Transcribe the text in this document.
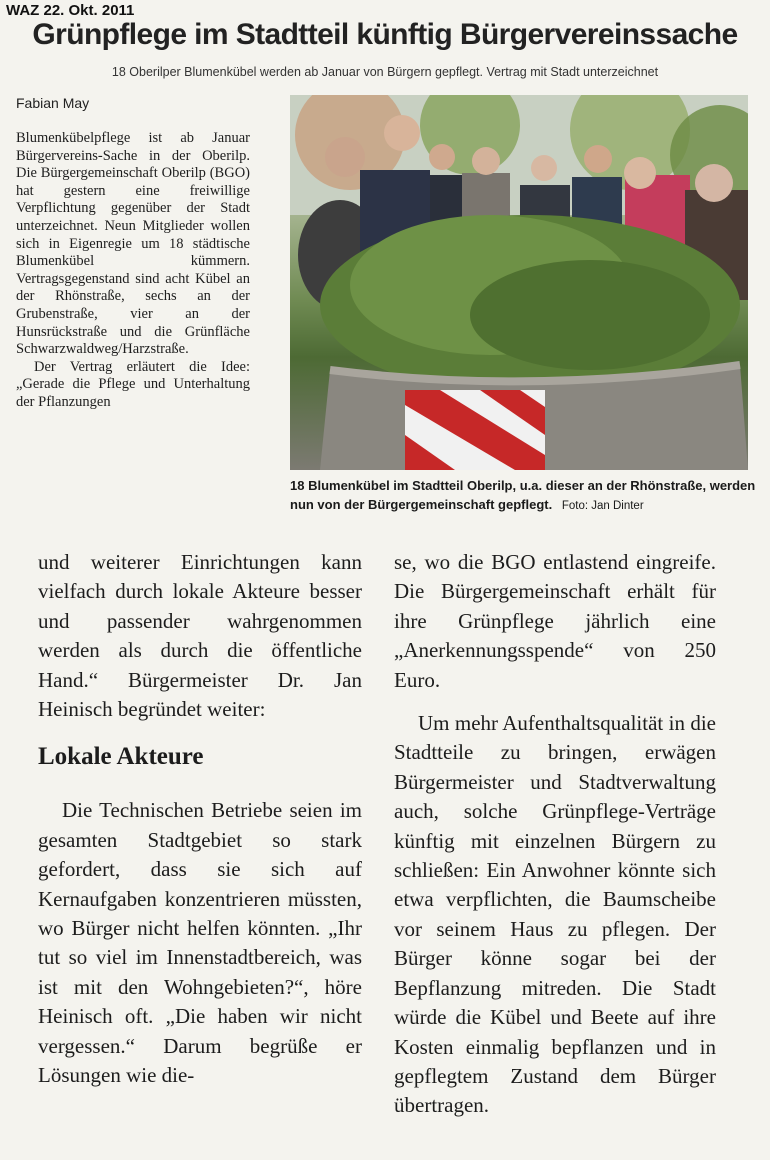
WAZ 22. Okt. 2011
Grünpflege im Stadtteil künftig Bürgervereinssache
18 Oberilper Blumenkübel werden ab Januar von Bürgern gepflegt. Vertrag mit Stadt unterzeichnet
Fabian May

Blumenkübelpflege ist ab Januar Bürgervereins-Sache in der Oberilp. Die Bürgergemeinschaft Oberilp (BGO) hat gestern eine freiwillige Verpflichtung gegenüber der Stadt unterzeichnet. Neun Mitglieder wollen sich in Eigenregie um 18 städtische Blumenkübel kümmern. Vertragsgegenstand sind acht Kübel an der Rhönstraße, sechs an der Grubenstraße, vier an der Hunsrückstraße und die Grünfläche Schwarzwaldweg/Harzstraße.

Der Vertrag erläutert die Idee: „Gerade die Pflege und Unterhaltung der Pflanzungen

18 Blumenkübel im Stadtteil Oberilp, u.a. dieser an der Rhönstraße, werden nun von der Bürgergemeinschaft gepflegt. Foto: Jan Dinter

und weiterer Einrichtungen kann vielfach durch lokale Akteure besser und passender wahrgenommen werden als durch die öffentliche Hand.“ Bürgermeister Dr. Jan Heinisch begründet weiter:

Lokale Akteure

Die Technischen Betriebe seien im gesamten Stadtgebiet so stark gefordert, dass sie sich auf Kernaufgaben konzentrieren müssten, wo Bürger nicht helfen könnten. „Ihr tut so viel im Innenstadtbereich, was ist mit den Wohngebieten?“, höre Heinisch oft. „Die haben wir nicht vergessen.“ Darum begrüße er Lösungen wie die-

se, wo die BGO entlastend eingreife. Die Bürgergemeinschaft erhält für ihre Grünpflege jährlich eine „Anerkennungsspende“ von 250 Euro.

Um mehr Aufenthaltsqualität in die Stadtteile zu bringen, erwägen Bürgermeister und Stadtverwaltung auch, solche Grünpflege-Verträge künftig mit einzelnen Bürgern zu schließen: Ein Anwohner könnte sich etwa verpflichten, die Baumscheibe vor seinem Haus zu pflegen. Der Bürger könne sogar bei der Bepflanzung mitreden. Die Stadt würde die Kübel und Beete auf ihre Kosten einmalig bepflanzen und in gepflegtem Zustand dem Bürger übertragen.
